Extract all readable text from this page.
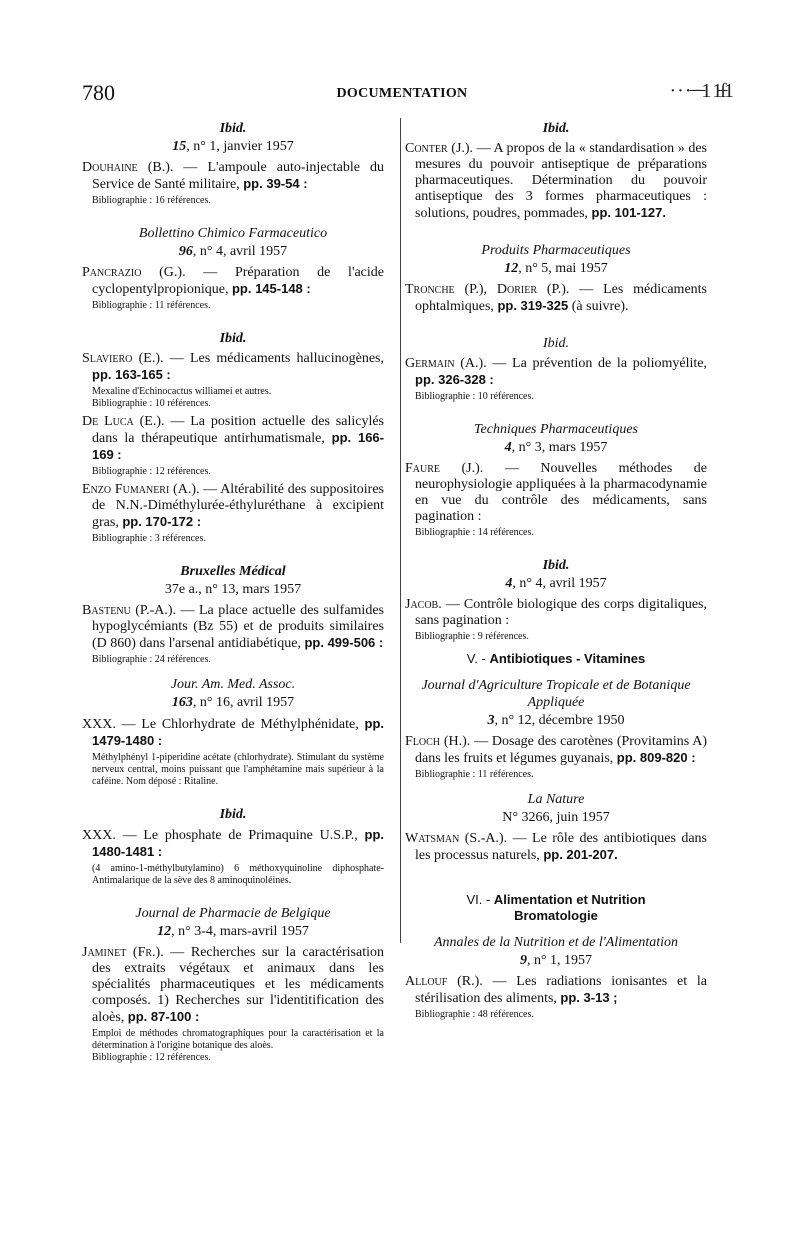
780	DOCUMENTATION	· · · ̶ ̶ ̶ 1 1̶ſ1
Ibid.
15, n° 1, janvier 1957

Douhaine (B.). — L'ampoule auto-injectable du Service de Santé militaire, pp. 39-54 :

Bibliographie : 16 références.

Bollettino Chimico Farmaceutico
96, n° 4, avril 1957

Pancrazio (G.). — Préparation de l'acide cyclopentylpropionique, pp. 145-148 :

Bibliographie : 11 références.

Ibid.

Slaviero (E.). — Les médicaments hallucinogènes, pp. 163-165 :

Mexaline d'Echinocactus williamei et autres.

Bibliographie : 10 références.

De Luca (E.). — La position actuelle des salicylés dans la thérapeutique antirhumatismale, pp. 166-169 :

Bibliographie : 12 références.

Enzo Fumaneri (A.). — Altérabilité des suppositoires de N.N.-Diméthylurée-éthyluréthane à excipient gras, pp. 170-172 :

Bibliographie : 3 références.

Bruxelles Médical
37e a., n° 13, mars 1957

Bastenu (P.-A.). — La place actuelle des sulfamides hypoglycémiants (Bz 55) et de produits similaires (D 860) dans l'arsenal antidiabétique, pp. 499-506 :

Bibliographie : 24 références.

Jour. Am. Med. Assoc.
163, n° 16, avril 1957

XXX. — Le Chlorhydrate de Méthylphénidate, pp. 1479-1480 :

Méthylphényl 1-piperidine acétate (chlorhydrate). Stimulant du système nerveux central, moins puissant que l'amphétamine mais supérieur à la caféine. Nom déposé : Ritaline.

Ibid.

XXX. — Le phosphate de Primaquine U.S.P., pp. 1480-1481 :

(4 amino-1-méthylbutylamino) 6 méthoxyquinoline diphosphate-Antimalarique de la sève des 8 aminoquinoléines.

Journal de Pharmacie de Belgique
12, n° 3-4, mars-avril 1957

Jaminet (Fr.). — Recherches sur la caractérisation des extraits végétaux et animaux dans les spécialités pharmaceutiques et les médicaments composés. 1) Recherches sur l'identitification des aloès, pp. 87-100 :

Emploi de méthodes chromatographiques pour la caractérisation et la détermination à l'origine botanique des aloès.

Bibliographie : 12 références.

Ibid.

Conter (J.). — A propos de la « standardisation » des mesures du pouvoir antiseptique de préparations pharmaceutiques. Détermination du pouvoir antiseptique des 3 formes pharmaceutiques : solutions, poudres, pommades, pp. 101-127.

Produits Pharmaceutiques
12, n° 5, mai 1957

Tronche (P.), Dorier (P.). — Les médicaments ophtalmiques, pp. 319-325 (à suivre).

Ibid.

Germain (A.). — La prévention de la poliomyélite, pp. 326-328 :

Bibliographie : 10 références.

Techniques Pharmaceutiques
4, n° 3, mars 1957

Faure (J.). — Nouvelles méthodes de neurophysiologie appliquées à la pharmacodynamie en vue du contrôle des médicaments, sans pagination :

Bibliographie : 14 références.

Ibid.
4, n° 4, avril 1957

Jacob. — Contrôle biologique des corps digitaliques, sans pagination :

Bibliographie : 9 références.

V. - Antibiotiques - Vitamines
Journal d'Agriculture Tropicale et de Botanique Appliquée
3, n° 12, décembre 1950

Floch (H.). — Dosage des carotènes (Provitamins A) dans les fruits et légumes guyanais, pp. 809-820 :

Bibliographie : 11 références.

La Nature
N° 3266, juin 1957

Watsman (S.-A.). — Le rôle des antibiotiques dans les processus naturels, pp. 201-207.

VI. - Alimentation et Nutrition
Bromatologie
Annales de la Nutrition et de l'Alimentation
9, n° 1, 1957

Allouf (R.). — Les radiations ionisantes et la stérilisation des aliments, pp. 3-13 ;

Bibliographie : 48 références.
